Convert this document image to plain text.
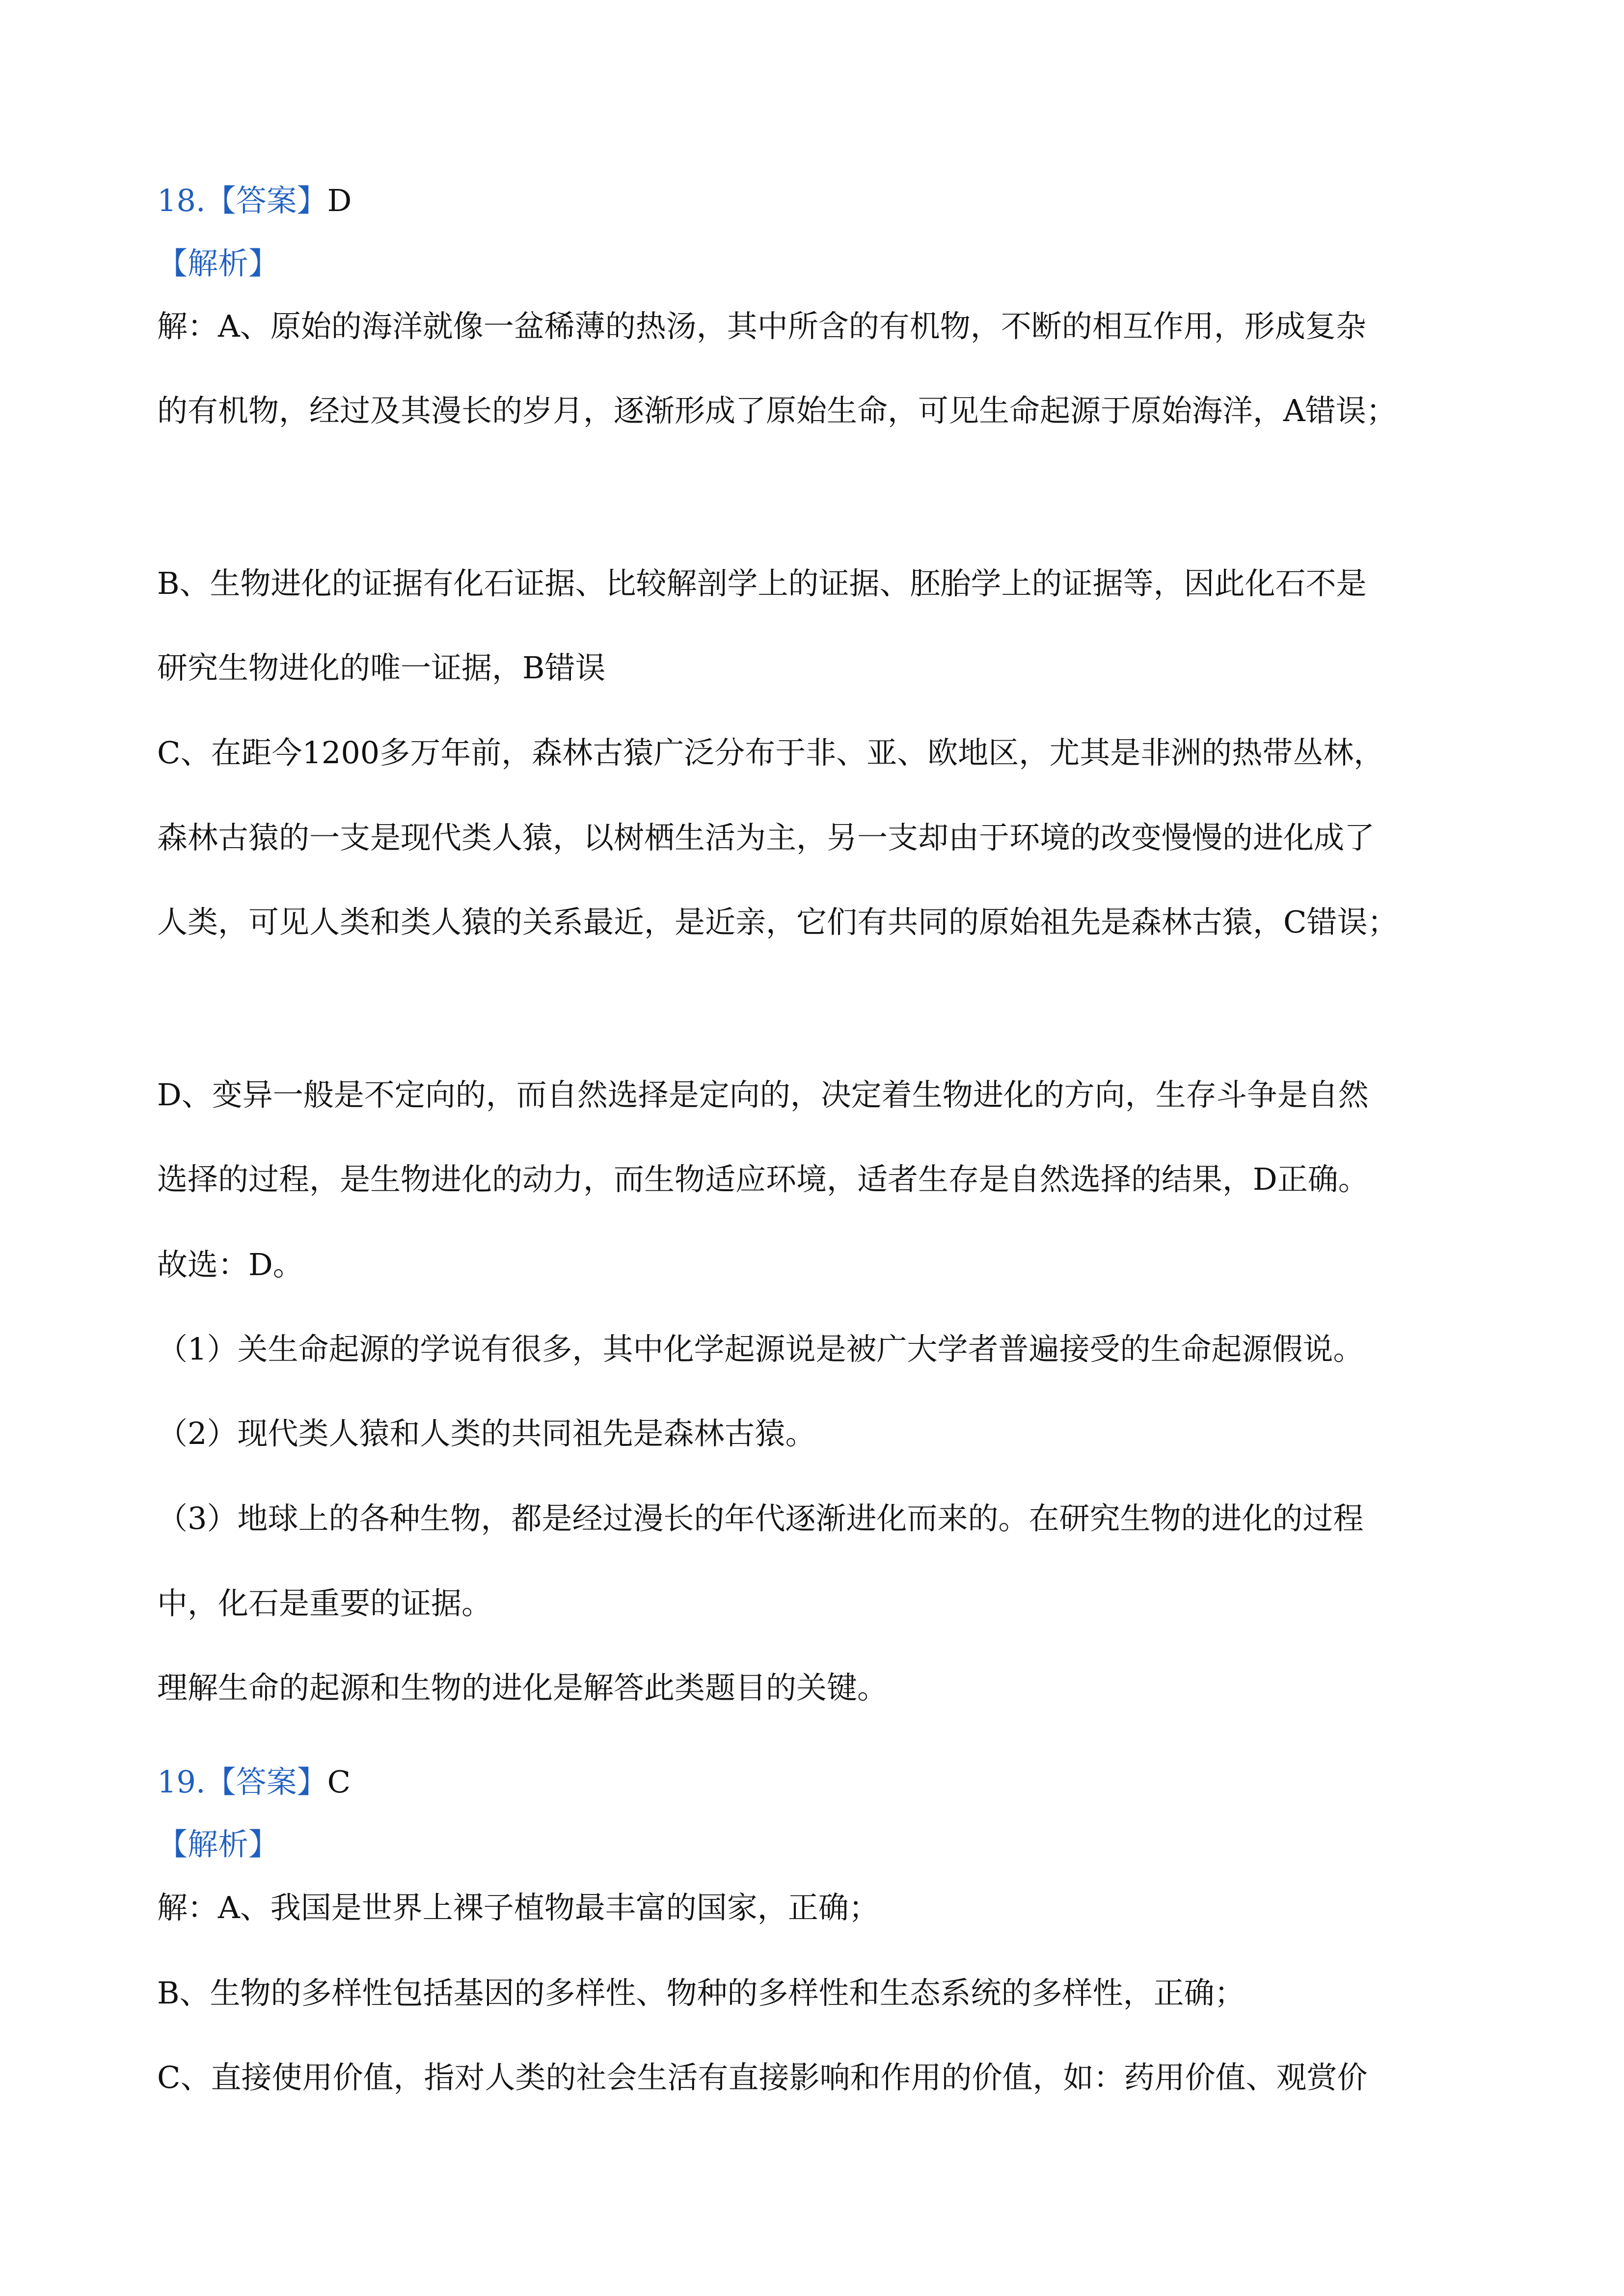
18.【答案】D

【解析】

解：A、原始的海洋就像一盆稀薄的热汤，其中所含的有机物，不断的相互作用，形成复杂

的有机物，经过及其漫长的岁月，逐渐形成了原始生命，可见生命起源于原始海洋，A错误；

B、生物进化的证据有化石证据、比较解剖学上的证据、胚胎学上的证据等，因此化石不是

研究生物进化的唯一证据，B错误

C、在距今1200多万年前，森林古猿广泛分布于非、亚、欧地区，尤其是非洲的热带丛林，

森林古猿的一支是现代类人猿，以树栖生活为主，另一支却由于环境的改变慢慢的进化成了

人类，可见人类和类人猿的关系最近，是近亲，它们有共同的原始祖先是森林古猿，C错误；

D、变异一般是不定向的，而自然选择是定向的，决定着生物进化的方向，生存斗争是自然

选择的过程，是生物进化的动力，而生物适应环境，适者生存是自然选择的结果，D正确。

故选：D。

（1）关生命起源的学说有很多，其中化学起源说是被广大学者普遍接受的生命起源假说。

（2）现代类人猿和人类的共同祖先是森林古猿。

（3）地球上的各种生物，都是经过漫长的年代逐渐进化而来的。在研究生物的进化的过程

中，化石是重要的证据。

理解生命的起源和生物的进化是解答此类题目的关键。

19.【答案】C

【解析】

解：A、我国是世界上裸子植物最丰富的国家，正确；

B、生物的多样性包括基因的多样性、物种的多样性和生态系统的多样性，正确；

C、直接使用价值，指对人类的社会生活有直接影响和作用的价值，如：药用价值、观赏价
